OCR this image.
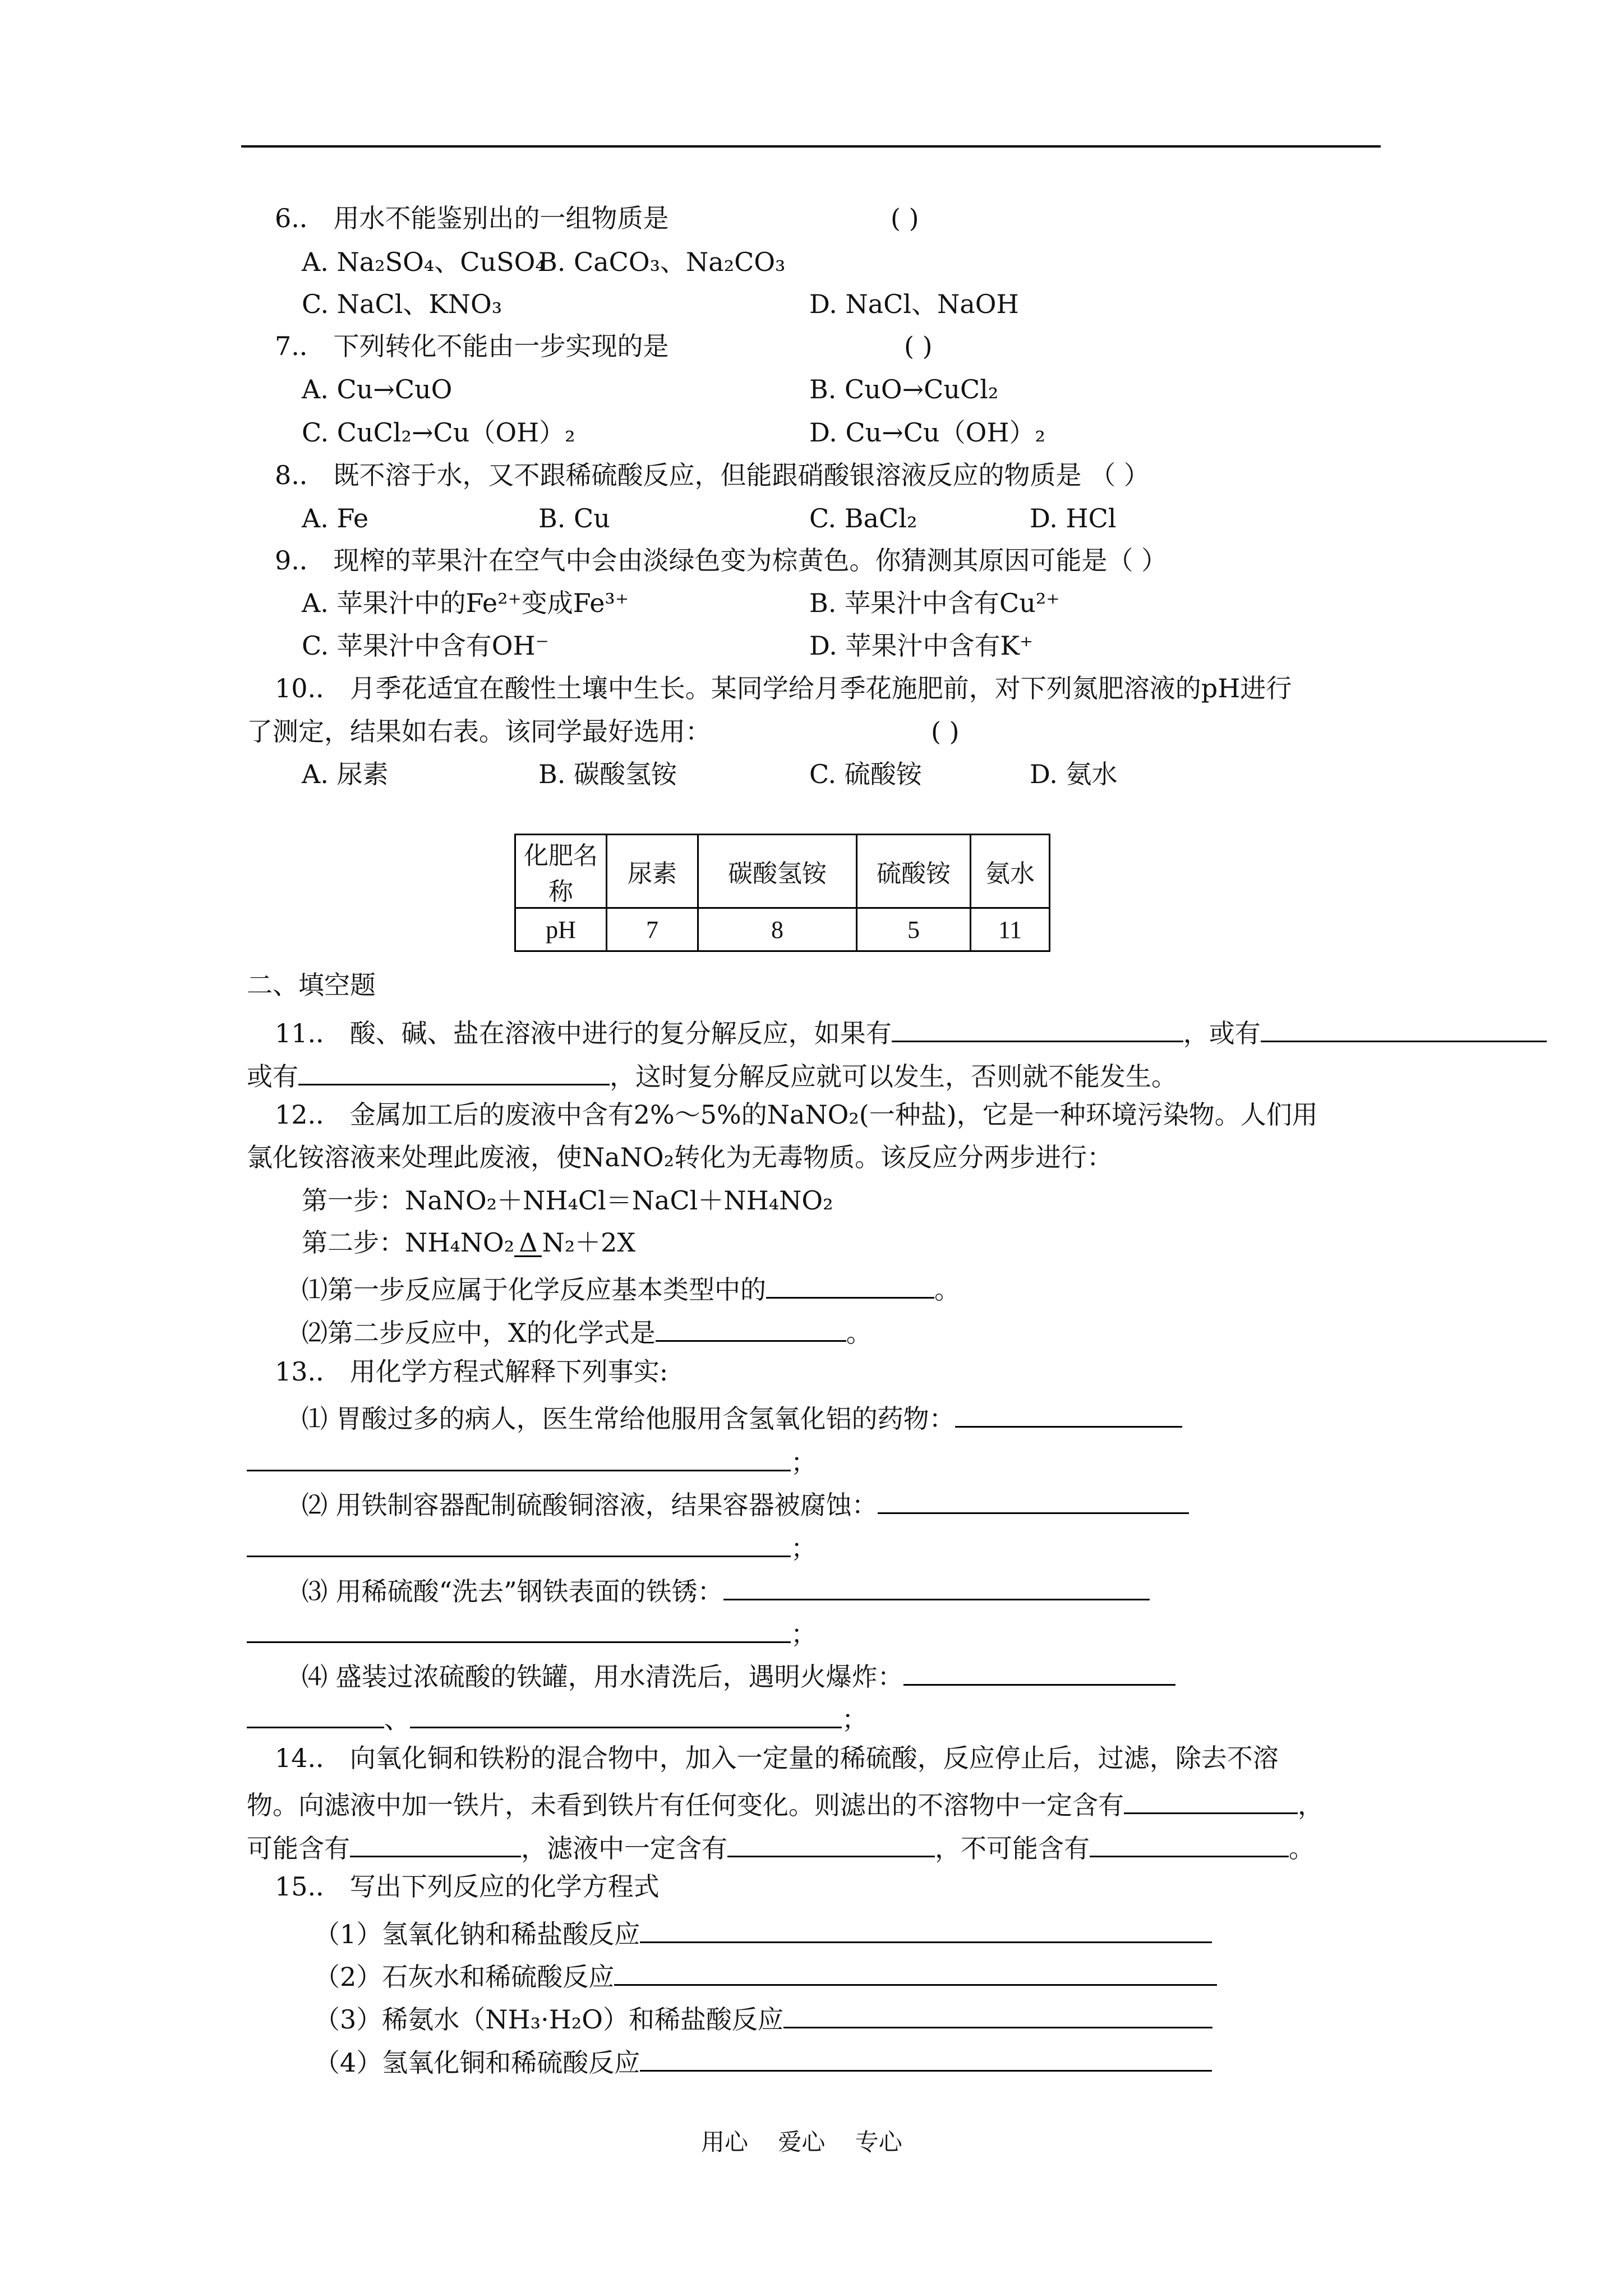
6.． 用水不能鉴别出的一组物质是	( )
A. Na₂SO₄、CuSO₄
B. CaCO₃、Na₂CO₃
C. NaCl、KNO₃	D. NaCl、NaOH
7.． 下列转化不能由一步实现的是	( )
A. Cu→CuO	B. CuO→CuCl₂
C. CuCl₂→Cu（OH）₂	D. Cu→Cu（OH）₂
8.． 既不溶于水，又不跟稀硫酸反应，但能跟硝酸银溶液反应的物质是 （ ）
A. Fe	B. Cu	C. BaCl₂	D. HCl
9.． 现榨的苹果汁在空气中会由淡绿色变为棕黄色。你猜测其原因可能是（ ）
A. 苹果汁中的Fe²⁺变成Fe³⁺	B. 苹果汁中含有Cu²⁺
C. 苹果汁中含有OH⁻	D. 苹果汁中含有K⁺
10.． 月季花适宜在酸性土壤中生长。某同学给月季花施肥前，对下列氮肥溶液的pH进行
了测定，结果如右表。该同学最好选用：	( )
A. 尿素	B. 碳酸氢铵	C. 硫酸铵	D. 氨水
化肥名称	尿素	碳酸氢铵	硫酸铵	氨水
pH	7	8	5	11
二、填空题
11.． 酸、碱、盐在溶液中进行的复分解反应，如果有	，或有
或有	，这时复分解反应就可以发生，否则就不能发生。
12.． 金属加工后的废液中含有2%～5%的NaNO₂(一种盐)，它是一种环境污染物。人们用
氯化铵溶液来处理此废液，使NaNO₂转化为无毒物质。该反应分两步进行：
第一步：NaNO₂＋NH₄Cl＝NaCl＋NH₄NO₂
第二步：NH₄NO₂ Δ N₂＋2X
⑴第一步反应属于化学反应基本类型中的	。
⑵第二步反应中，X的化学式是	。
13.． 用化学方程式解释下列事实:
⑴ 胃酸过多的病人，医生常给他服用含氢氧化铝的药物：
；
⑵ 用铁制容器配制硫酸铜溶液，结果容器被腐蚀：
；
⑶ 用稀硫酸“洗去”钢铁表面的铁锈：
；
⑷ 盛装过浓硫酸的铁罐，用水清洗后，遇明火爆炸：
、	；
14.． 向氧化铜和铁粉的混合物中，加入一定量的稀硫酸，反应停止后，过滤，除去不溶
物。向滤液中加一铁片，未看到铁片有任何变化。则滤出的不溶物中一定含有	，
可能含有	，滤液中一定含有	，不可能含有	。
15.． 写出下列反应的化学方程式
（1）氢氧化钠和稀盐酸反应
（2）石灰水和稀硫酸反应
（3）稀氨水（NH₃·H₂O）和稀盐酸反应
（4）氢氧化铜和稀硫酸反应
用心    爱心    专心
